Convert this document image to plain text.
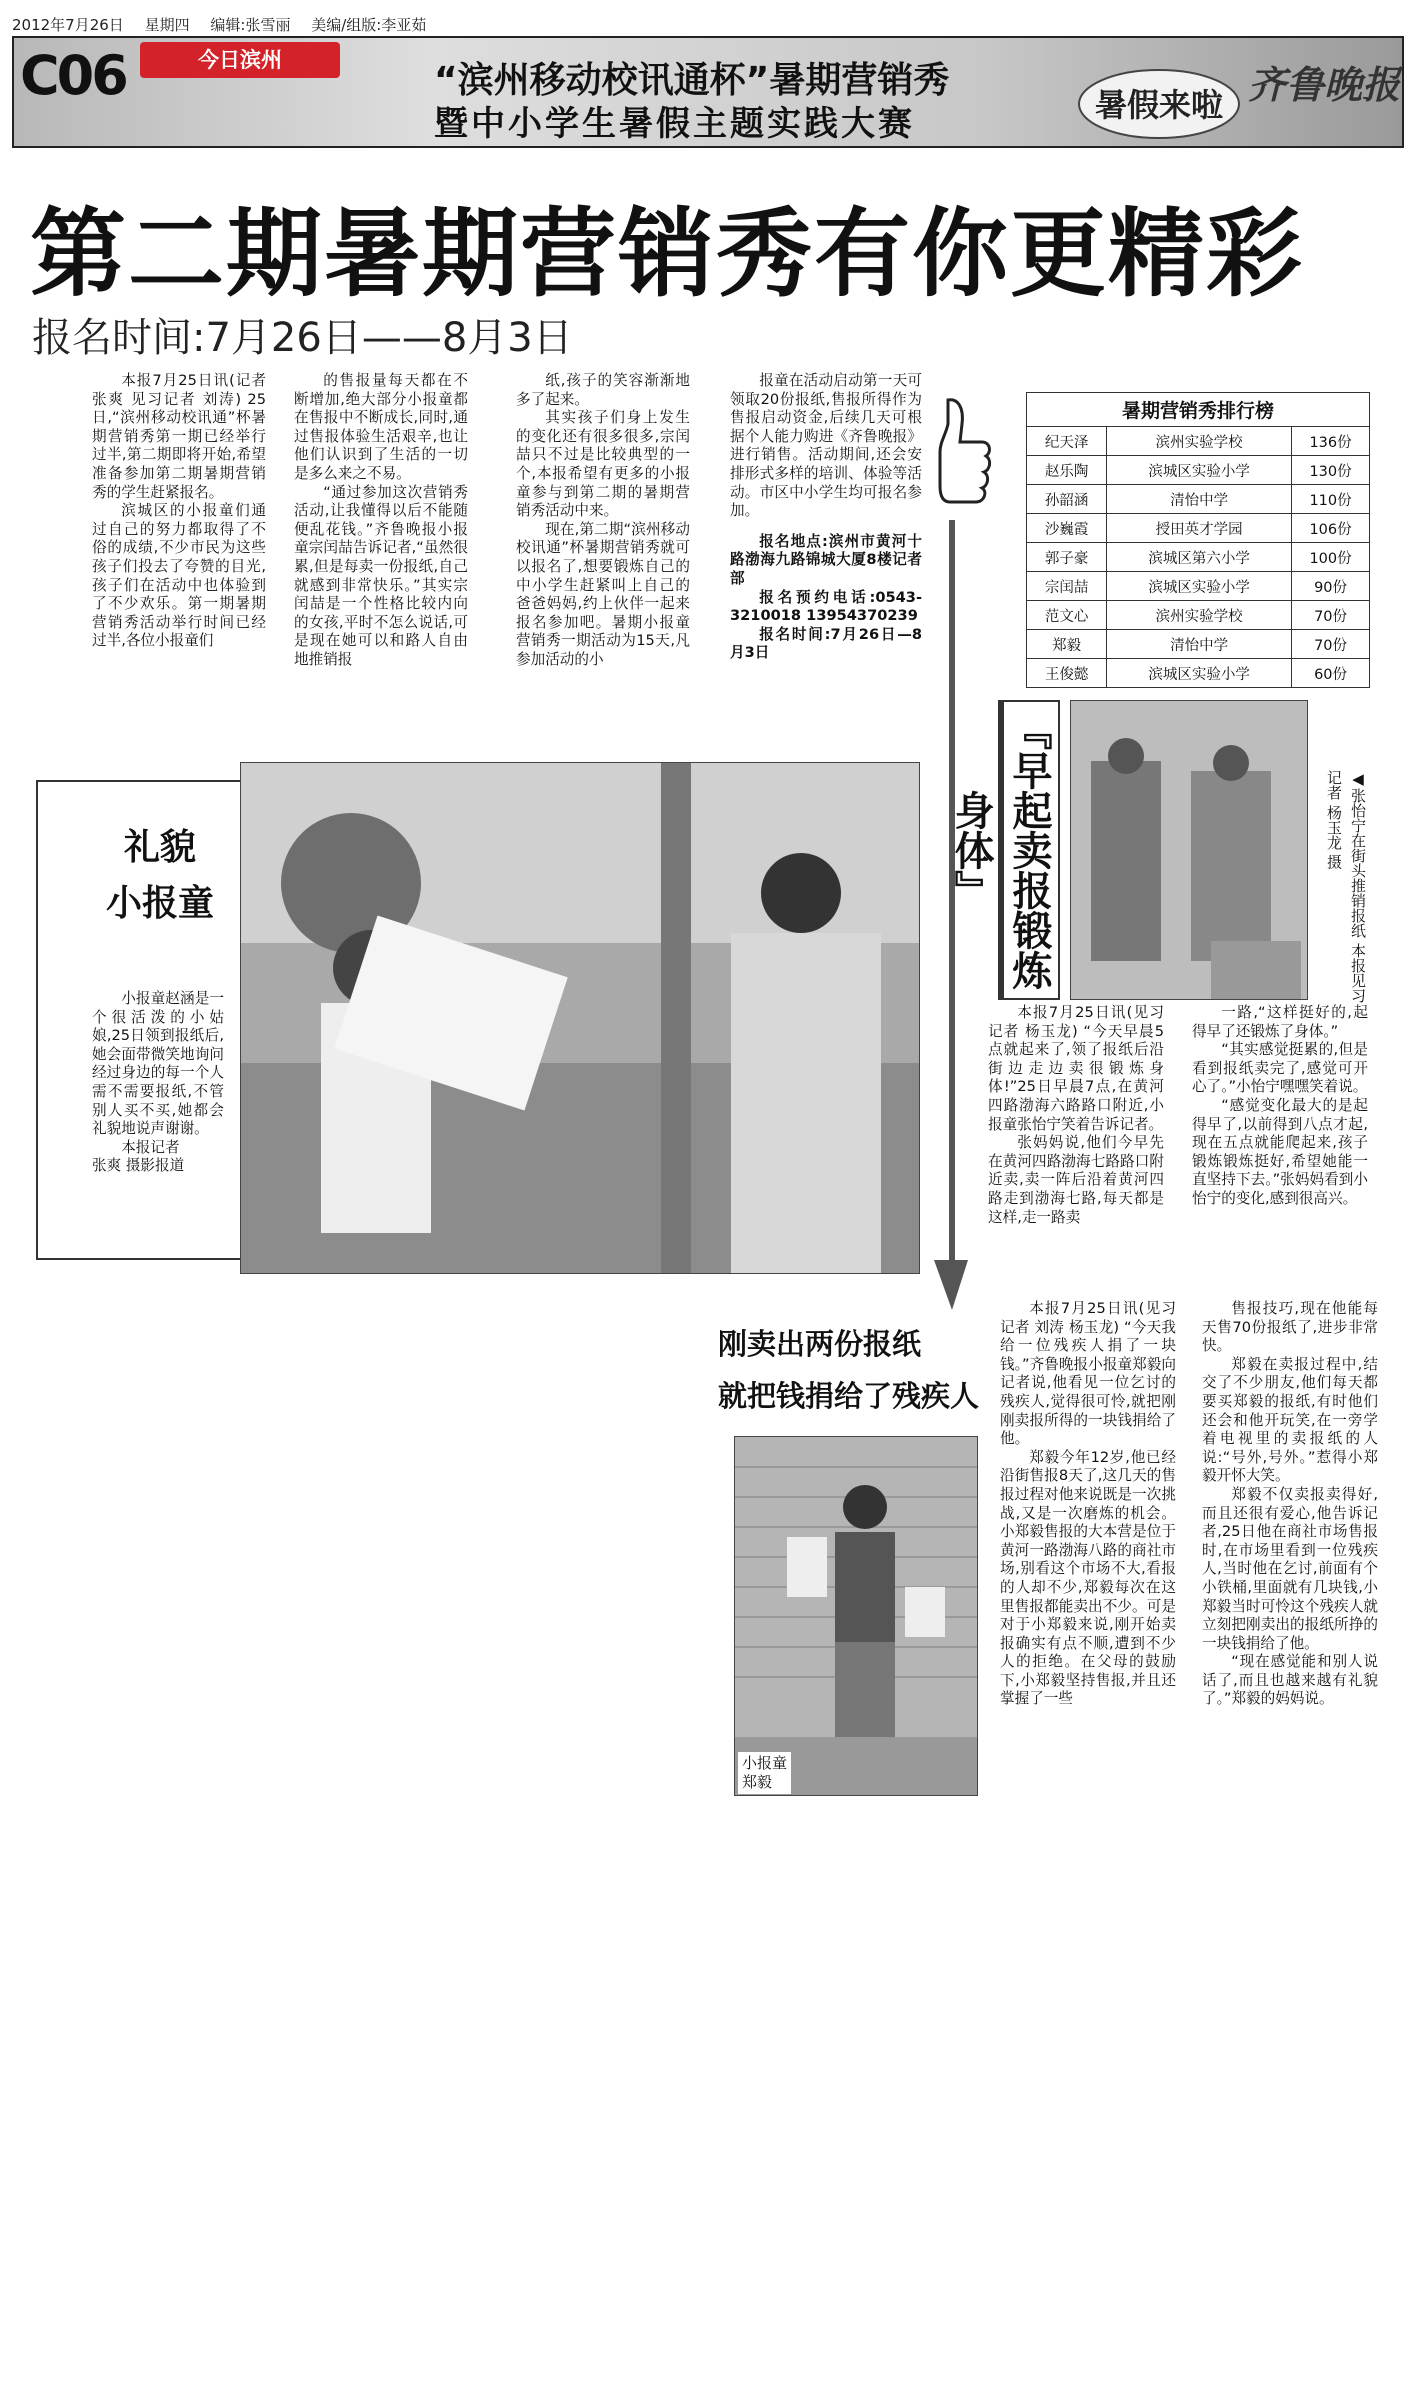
2012年7月26日 星期四 编辑:张雪丽 美编/组版:李亚茹
C06	今日滨州	“滨州移动校讯通杯”暑期营销秀
暨中小学生暑假主题实践大赛	暑假来啦 齐鲁晚报
第二期暑期营销秀有你更精彩
报名时间:7月26日——8月3日

本报7月25日讯(记者 张爽 见习记者 刘涛) 25日,“滨州移动校讯通”杯暑期营销秀第一期已经举行过半,第二期即将开始,希望准备参加第二期暑期营销秀的学生赶紧报名。

滨城区的小报童们通过自己的努力都取得了不俗的成绩,不少市民为这些孩子们投去了夸赞的目光,孩子们在活动中也体验到了不少欢乐。第一期暑期营销秀活动举行时间已经过半,各位小报童们

的售报量每天都在不断增加,绝大部分小报童都在售报中不断成长,同时,通过售报体验生活艰辛,也让他们认识到了生活的一切是多么来之不易。

“通过参加这次营销秀活动,让我懂得以后不能随便乱花钱。”齐鲁晚报小报童宗闰喆告诉记者,“虽然很累,但是每卖一份报纸,自己就感到非常快乐。”其实宗闰喆是一个性格比较内向的女孩,平时不怎么说话,可是现在她可以和路人自由地推销报

纸,孩子的笑容渐渐地多了起来。

其实孩子们身上发生的变化还有很多很多,宗闰喆只不过是比较典型的一个,本报希望有更多的小报童参与到第二期的暑期营销秀活动中来。

现在,第二期“滨州移动校讯通”杯暑期营销秀就可以报名了,想要锻炼自己的中小学生赶紧叫上自己的爸爸妈妈,约上伙伴一起来报名参加吧。暑期小报童营销秀一期活动为15天,凡参加活动的小

报童在活动启动第一天可领取20份报纸,售报所得作为售报启动资金,后续几天可根据个人能力购进《齐鲁晚报》进行销售。活动期间,还会安排形式多样的培训、体验等活动。市区中小学生均可报名参加。

报名地点:滨州市黄河十路渤海九路锦城大厦8楼记者部

报名预约电话:0543-3210018 13954370239

报名时间:7月26日—8月3日

暑期营销秀排行榜
纪天泽	滨州实验学校	136份
赵乐陶	滨城区实验小学	130份
孙韶涵	清怡中学	110份
沙巍霞	授田英才学园	106份
郭子豪	滨城区第六小学	100份
宗闰喆	滨城区实验小学	90份
范文心	滨州实验学校	70份
郑毅	清怡中学	70份
王俊懿	滨城区实验小学	60份
『早起卖报锻炼身体』	◀张怡宁在街头推销报纸 本报见习记者 杨玉龙 摄

本报7月25日讯(见习记者 杨玉龙) “今天早晨5点就起来了,领了报纸后沿街边走边卖很锻炼身体!”25日早晨7点,在黄河四路渤海六路路口附近,小报童张怡宁笑着告诉记者。

张妈妈说,他们今早先在黄河四路渤海七路路口附近卖,卖一阵后沿着黄河四路走到渤海七路,每天都是这样,走一路卖

一路,“这样挺好的,起得早了还锻炼了身体。”

“其实感觉挺累的,但是看到报纸卖完了,感觉可开心了。”小怡宁嘿嘿笑着说。

“感觉变化最大的是起得早了,以前得到八点才起,现在五点就能爬起来,孩子锻炼锻炼挺好,希望她能一直坚持下去。”张妈妈看到小怡宁的变化,感到很高兴。

礼貌
小报童

小报童赵涵是一个很活泼的小姑娘,25日领到报纸后,她会面带微笑地询问经过身边的每一个人需不需要报纸,不管别人买不买,她都会礼貌地说声谢谢。

本报记者

张爽 摄影报道

刚卖出两份报纸
就把钱捐给了残疾人
小报童
郑毅

本报7月25日讯(见习记者 刘涛 杨玉龙) “今天我给一位残疾人捐了一块钱。”齐鲁晚报小报童郑毅向记者说,他看见一位乞讨的残疾人,觉得很可怜,就把刚刚卖报所得的一块钱捐给了他。

郑毅今年12岁,他已经沿街售报8天了,这几天的售报过程对他来说既是一次挑战,又是一次磨炼的机会。小郑毅售报的大本营是位于黄河一路渤海八路的商社市场,别看这个市场不大,看报的人却不少,郑毅每次在这里售报都能卖出不少。可是对于小郑毅来说,刚开始卖报确实有点不顺,遭到不少人的拒绝。在父母的鼓励下,小郑毅坚持售报,并且还掌握了一些

售报技巧,现在他能每天售70份报纸了,进步非常快。

郑毅在卖报过程中,结交了不少朋友,他们每天都要买郑毅的报纸,有时他们还会和他开玩笑,在一旁学着电视里的卖报纸的人说:“号外,号外。”惹得小郑毅开怀大笑。

郑毅不仅卖报卖得好,而且还很有爱心,他告诉记者,25日他在商社市场售报时,在市场里看到一位残疾人,当时他在乞讨,前面有个小铁桶,里面就有几块钱,小郑毅当时可怜这个残疾人就立刻把刚卖出的报纸所挣的一块钱捐给了他。

“现在感觉能和别人说话了,而且也越来越有礼貌了。”郑毅的妈妈说。
